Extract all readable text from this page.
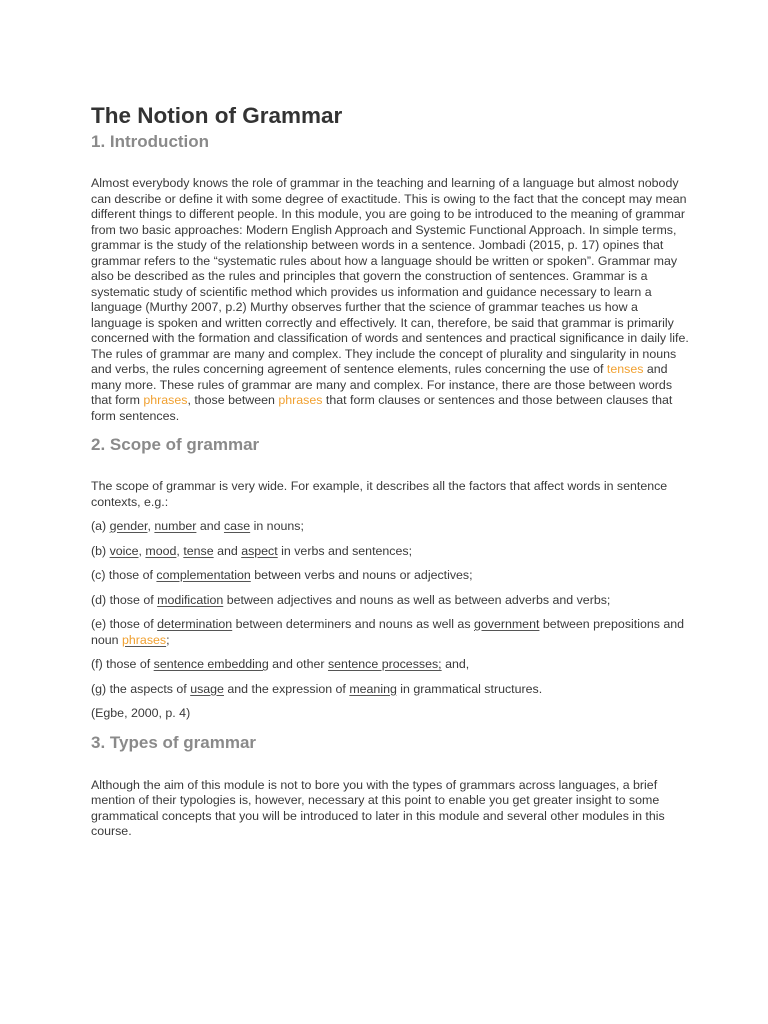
The Notion of Grammar
1. Introduction

Almost everybody knows the role of grammar in the teaching and learning of a language but almost nobody can describe or define it with some degree of exactitude. This is owing to the fact that the concept may mean different things to different people. In this module, you are going to be introduced to the meaning of grammar from two basic approaches: Modern English Approach and Systemic Functional Approach. In simple terms, grammar is the study of the relationship between words in a sentence. Jombadi (2015, p. 17) opines that grammar refers to the “systematic rules about how a language should be written or spoken”. Grammar may also be described as the rules and principles that govern the construction of sentences. Grammar is a systematic study of scientific method which provides us information and guidance necessary to learn a language (Murthy 2007, p.2) Murthy observes further that the science of grammar teaches us how a language is spoken and written correctly and effectively. It can, therefore, be said that grammar is primarily concerned with the formation and classification of words and sentences and practical significance in daily life. The rules of grammar are many and complex. They include the concept of plurality and singularity in nouns and verbs, the rules concerning agreement of sentence elements, rules concerning the use of tenses and many more. These rules of grammar are many and complex. For instance, there are those between words that form phrases, those between phrases that form clauses or sentences and those between clauses that form sentences.

2. Scope of grammar

The scope of grammar is very wide. For example, it describes all the factors that affect words in sentence contexts, e.g.:

(a) gender, number and case in nouns;

(b) voice, mood, tense and aspect in verbs and sentences;

(c) those of complementation between verbs and nouns or adjectives;

(d) those of modification between adjectives and nouns as well as between adverbs and verbs;

(e) those of determination between determiners and nouns as well as government between prepositions and noun phrases;

(f) those of sentence embedding and other sentence processes; and,

(g) the aspects of usage and the expression of meaning in grammatical structures.

(Egbe, 2000, p. 4)

3. Types of grammar

Although the aim of this module is not to bore you with the types of grammars across languages, a brief mention of their typologies is, however, necessary at this point to enable you get greater insight to some grammatical concepts that you will be introduced to later in this module and several other modules in this course.
